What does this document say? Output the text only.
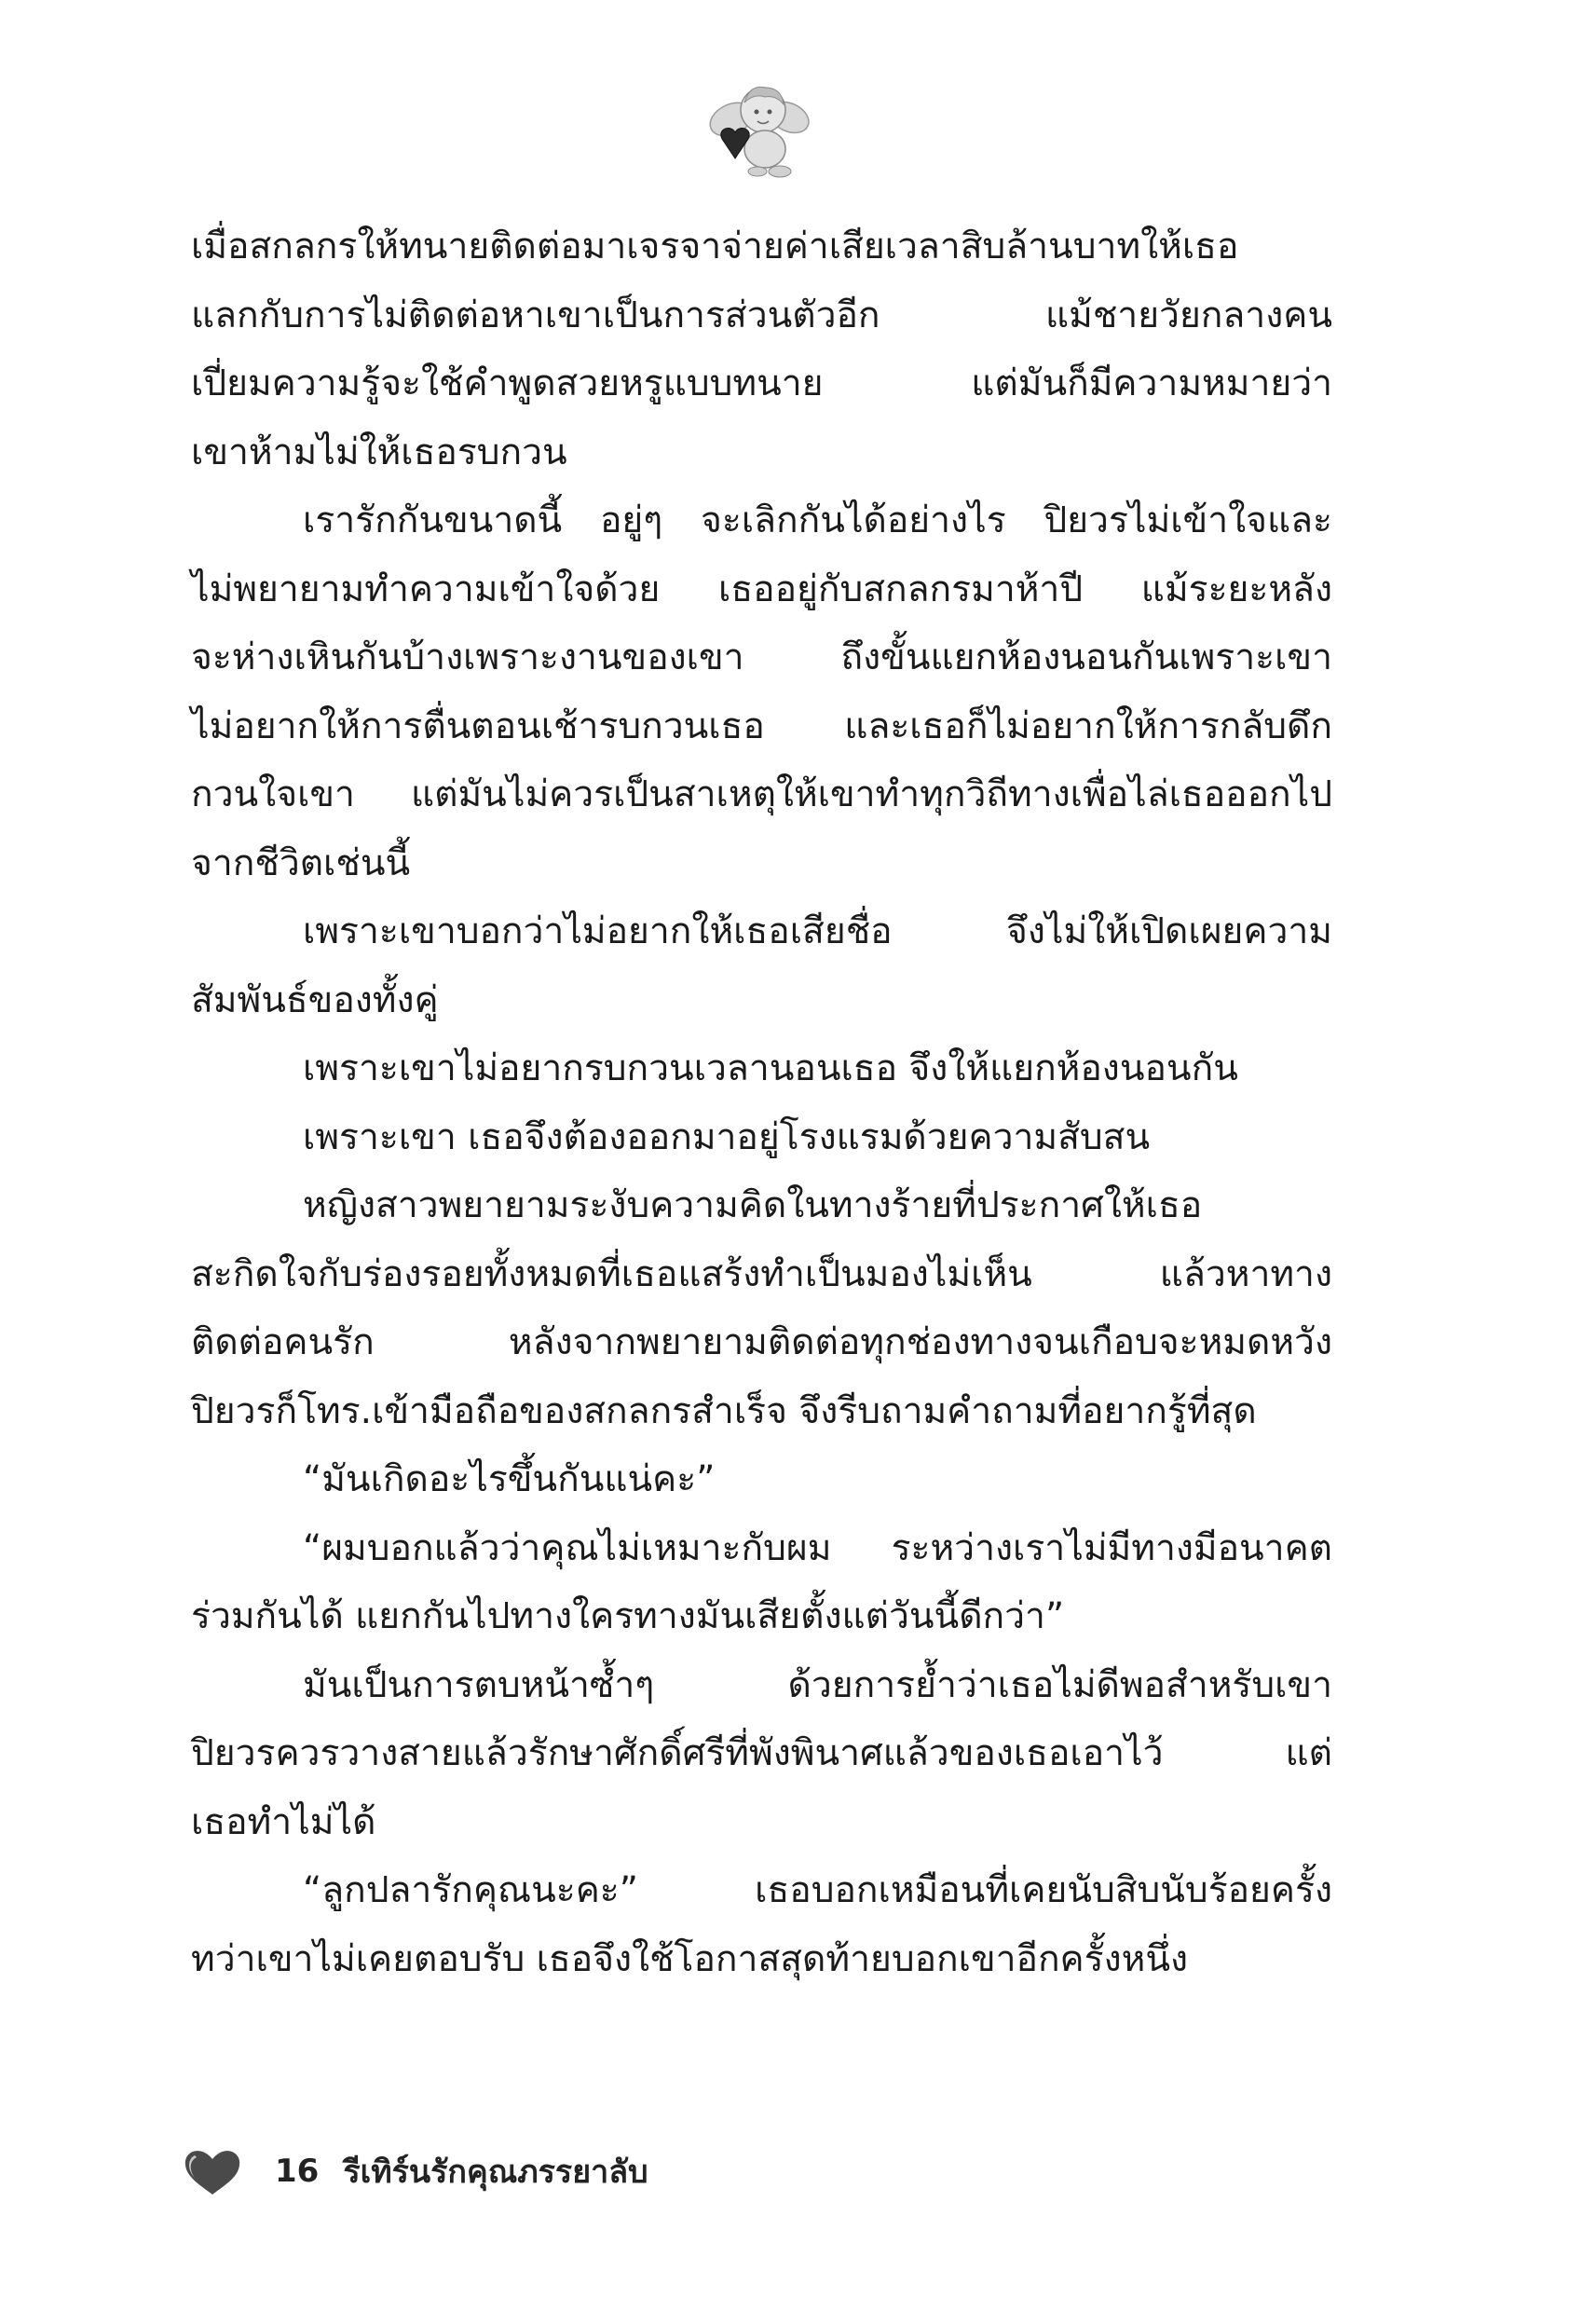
เมื่อสกลกรให้ทนายติดต่อมาเจรจาจ่ายค่าเสียเวลาสิบล้านบาทให้เธอ
แลกกับการไม่ติดต่อหาเขาเป็นการส่วนตัวอีก แม้ชายวัยกลางคน
เปี่ยมความรู้จะใช้คำพูดสวยหรูแบบทนาย แต่มันก็มีความหมายว่า
เขาห้ามไม่ให้เธอรบกวน
เรารักกันขนาดนี้ อยู่ๆ จะเลิกกันได้อย่างไร ปิยวรไม่เข้าใจและ
ไม่พยายามทำความเข้าใจด้วย เธออยู่กับสกลกรมาห้าปี แม้ระยะหลัง
จะห่างเหินกันบ้างเพราะงานของเขา ถึงขั้นแยกห้องนอนกันเพราะเขา
ไม่อยากให้การตื่นตอนเช้ารบกวนเธอ และเธอก็ไม่อยากให้การกลับดึก
กวนใจเขา แต่มันไม่ควรเป็นสาเหตุให้เขาทำทุกวิถีทางเพื่อไล่เธอออกไป
จากชีวิตเช่นนี้
เพราะเขาบอกว่าไม่อยากให้เธอเสียชื่อ จึงไม่ให้เปิดเผยความ
สัมพันธ์ของทั้งคู่
เพราะเขาไม่อยากรบกวนเวลานอนเธอ จึงให้แยกห้องนอนกัน
เพราะเขา เธอจึงต้องออกมาอยู่โรงแรมด้วยความสับสน
หญิงสาวพยายามระงับความคิดในทางร้ายที่ประกาศให้เธอ
สะกิดใจกับร่องรอยทั้งหมดที่เธอแสร้งทำเป็นมองไม่เห็น แล้วหาทาง
ติดต่อคนรัก หลังจากพยายามติดต่อทุกช่องทางจนเกือบจะหมดหวัง
ปิยวรก็โทร.เข้ามือถือของสกลกรสำเร็จ จึงรีบถามคำถามที่อยากรู้ที่สุด
“มันเกิดอะไรขึ้นกันแน่คะ”
“ผมบอกแล้วว่าคุณไม่เหมาะกับผม ระหว่างเราไม่มีทางมีอนาคต
ร่วมกันได้ แยกกันไปทางใครทางมันเสียตั้งแต่วันนี้ดีกว่า”
มันเป็นการตบหน้าซ้ำๆ ด้วยการย้ำว่าเธอไม่ดีพอสำหรับเขา
ปิยวรควรวางสายแล้วรักษาศักดิ์ศรีที่พังพินาศแล้วของเธอเอาไว้ แต่
เธอทำไม่ได้
“ลูกปลารักคุณนะคะ” เธอบอกเหมือนที่เคยนับสิบนับร้อยครั้ง
ทว่าเขาไม่เคยตอบรับ เธอจึงใช้โอกาสสุดท้ายบอกเขาอีกครั้งหนึ่ง
16 รีเทิร์นรักคุณภรรยาลับ
